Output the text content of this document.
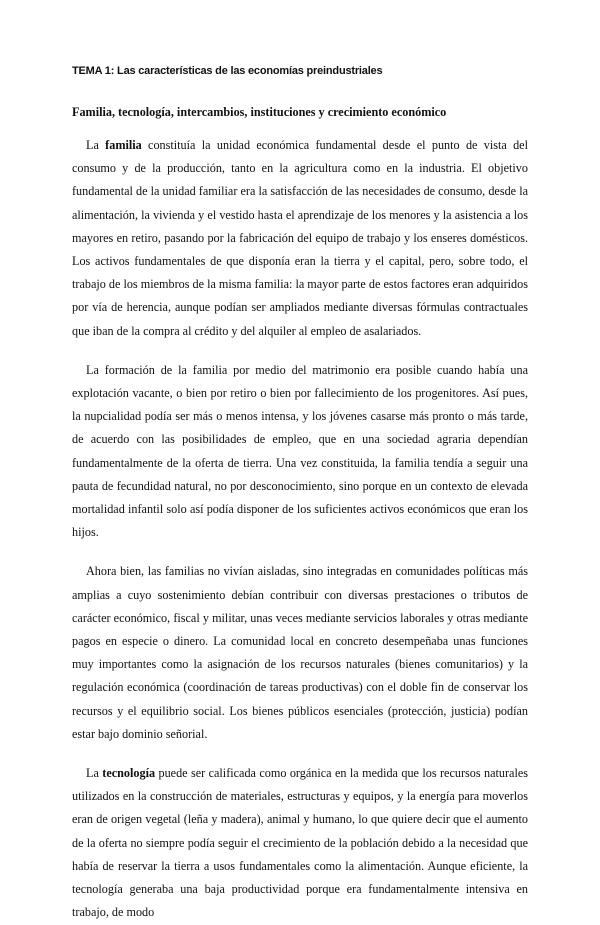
TEMA 1: Las características de las economías preindustriales
Familia, tecnología, intercambios, instituciones y crecimiento económico

La familia constituía la unidad económica fundamental desde el punto de vista del consumo y de la producción, tanto en la agricultura como en la industria. El objetivo fundamental de la unidad familiar era la satisfacción de las necesidades de consumo, desde la alimentación, la vivienda y el vestido hasta el aprendizaje de los menores y la asistencia a los mayores en retiro, pasando por la fabricación del equipo de trabajo y los enseres domésticos. Los activos fundamentales de que disponía eran la tierra y el capital, pero, sobre todo, el trabajo de los miembros de la misma familia: la mayor parte de estos factores eran adquiridos por vía de herencia, aunque podían ser ampliados mediante diversas fórmulas contractuales que iban de la compra al crédito y del alquiler al empleo de asalariados.

La formación de la familia por medio del matrimonio era posible cuando había una explotación vacante, o bien por retiro o bien por fallecimiento de los progenitores. Así pues, la nupcialidad podía ser más o menos intensa, y los jóvenes casarse más pronto o más tarde, de acuerdo con las posibilidades de empleo, que en una sociedad agraria dependían fundamentalmente de la oferta de tierra. Una vez constituida, la familia tendía a seguir una pauta de fecundidad natural, no por desconocimiento, sino porque en un contexto de elevada mortalidad infantil solo así podía disponer de los suficientes activos económicos que eran los hijos.

Ahora bien, las familias no vivían aisladas, sino integradas en comunidades políticas más amplias a cuyo sostenimiento debían contribuir con diversas prestaciones o tributos de carácter económico, fiscal y militar, unas veces mediante servicios laborales y otras mediante pagos en especie o dinero. La comunidad local en concreto desempeñaba unas funciones muy importantes como la asignación de los recursos naturales (bienes comunitarios) y la regulación económica (coordinación de tareas productivas) con el doble fin de conservar los recursos y el equilibrio social. Los bienes públicos esenciales (protección, justicia) podían estar bajo dominio señorial.

La tecnología puede ser calificada como orgánica en la medida que los recursos naturales utilizados en la construcción de materiales, estructuras y equipos, y la energía para moverlos eran de origen vegetal (leña y madera), animal y humano, lo que quiere decir que el aumento de la oferta no siempre podía seguir el crecimiento de la población debido a la necesidad que había de reservar la tierra a usos fundamentales como la alimentación. Aunque eficiente, la tecnología generaba una baja productividad porque era fundamentalmente intensiva en trabajo, de modo
